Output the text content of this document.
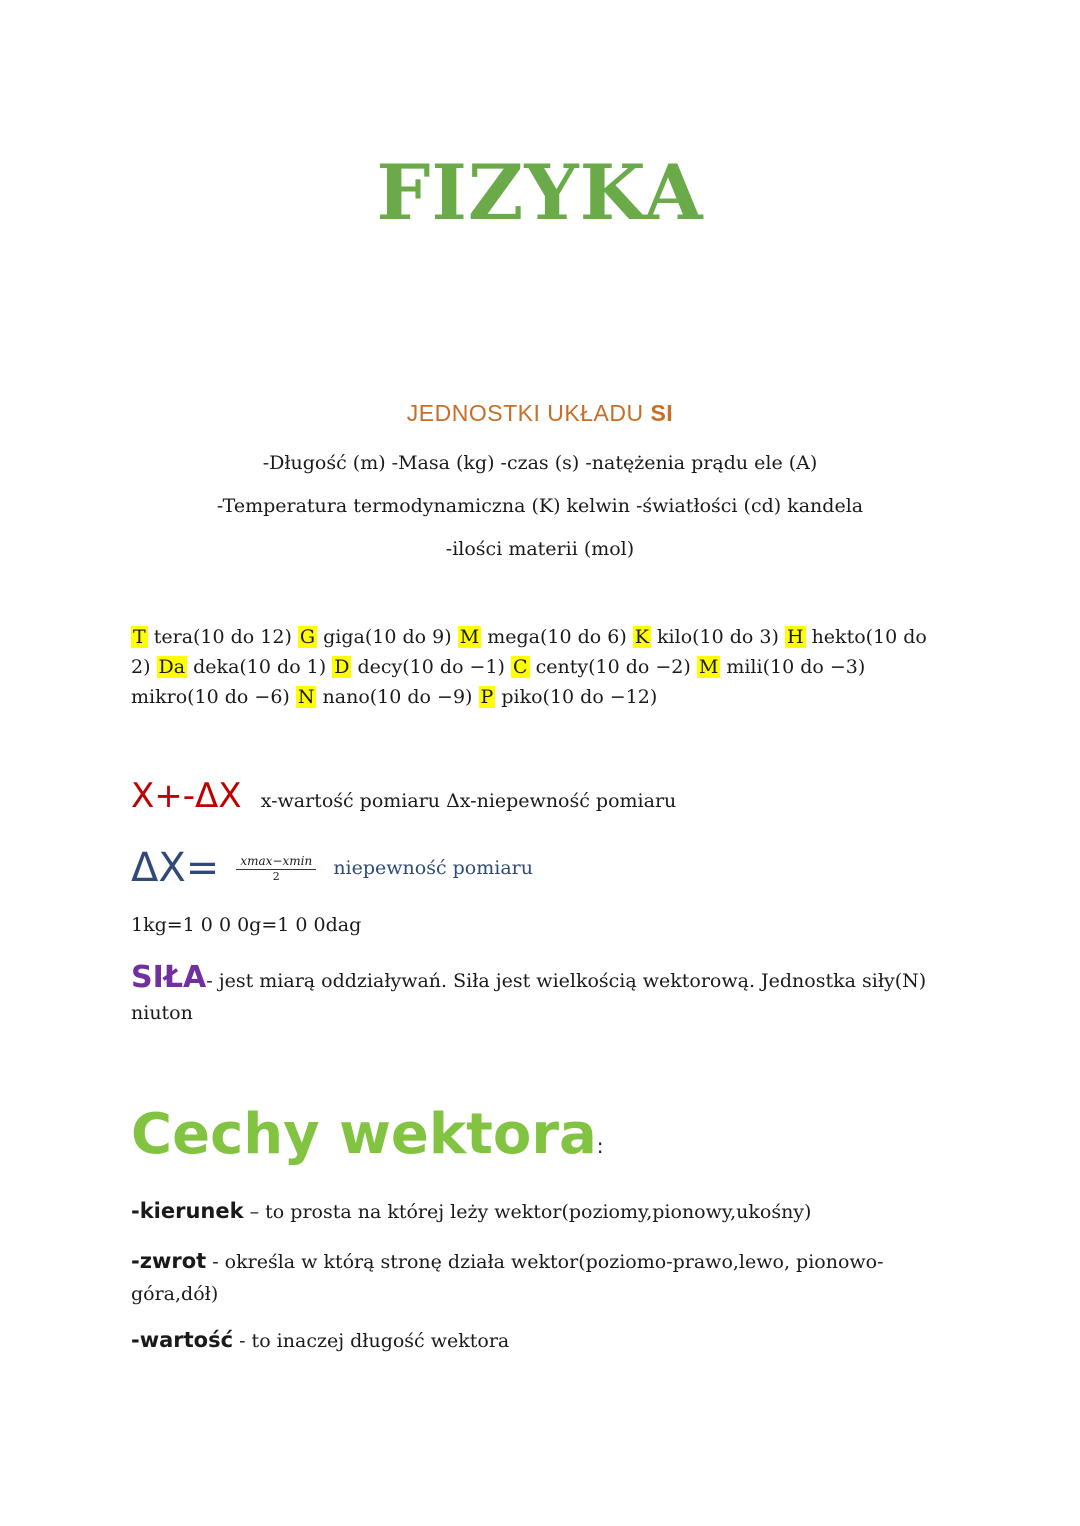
FIZYKA
JEDNOSTKI UKŁADU SI
-Długość (m) -Masa (kg) -czas (s) -natężenia prądu ele (A)
-Temperatura termodynamiczna (K) kelwin -światłości (cd) kandela
-ilości materii (mol)
T tera(10 do 12) G giga(10 do 9) M mega(10 do 6) K kilo(10 do 3) H hekto(10 do 2) Da deka(10 do 1) D decy(10 do −1) C centy(10 do −2) M mili(10 do −3) mikro(10 do −6) N nano(10 do −9) P piko(10 do −12)
X+-ΔX x-wartość pomiaru Δx-niepewność pomiaru
$\Delta X= \frac{xmax-xmin}{2}$ niepewność pomiaru
1kg=1 0 0 0g=1 0 0dag
SIŁA- jest miarą oddziaływań. Siła jest wielkością wektorową. Jednostka siły(N) niuton
Cechy wektora:
-kierunek – to prosta na której leży wektor(poziomy,pionowy,ukośny)
-zwrot - określa w którą stronę działa wektor(poziomo-prawo,lewo, pionowo-góra,dół)
-wartość - to inaczej długość wektora
